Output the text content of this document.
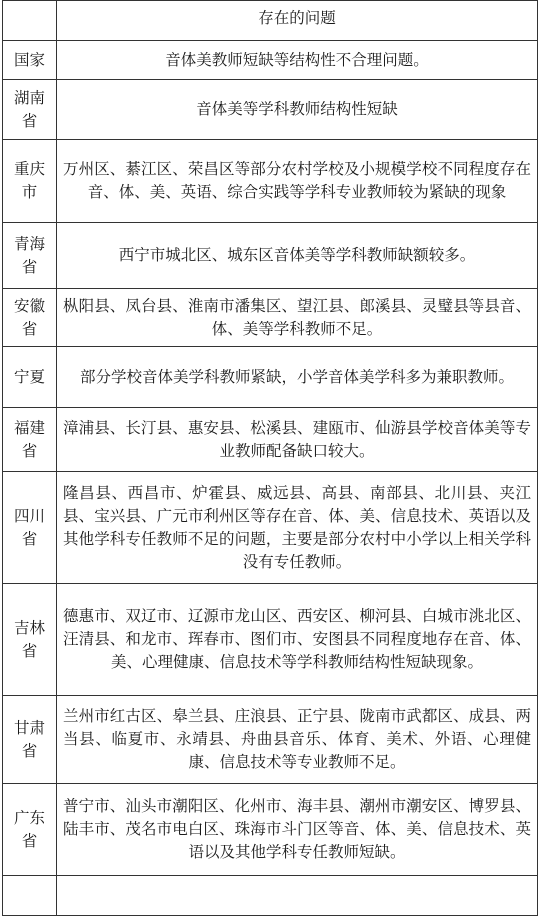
	存在的问题
国家	音体美教师短缺等结构性不合理问题。
湖南省	音体美等学科教师结构性短缺
重庆市	万州区、綦江区、荣昌区等部分农村学校及小规模学校不同程度存在音、体、美、英语、综合实践等学科专业教师较为紧缺的现象
青海省	西宁市城北区、城东区音体美等学科教师缺额较多。
安徽省	枞阳县、凤台县、淮南市潘集区、望江县、郎溪县、灵璧县等县音、体、美等学科教师不足。
宁夏	部分学校音体美学科教师紧缺，小学音体美学科多为兼职教师。
福建省	漳浦县、长汀县、惠安县、松溪县、建瓯市、仙游县学校音体美等专业教师配备缺口较大。
四川省	隆昌县、西昌市、炉霍县、威远县、高县、南部县、北川县、夹江县、宝兴县、广元市利州区等存在音、体、美、信息技术、英语以及其他学科专任教师不足的问题，主要是部分农村中小学以上相关学科没有专任教师。
吉林省	德惠市、双辽市、辽源市龙山区、西安区、柳河县、白城市洮北区、汪清县、和龙市、珲春市、图们市、安图县不同程度地存在音、体、美、心理健康、信息技术等学科教师结构性短缺现象。
甘肃省	兰州市红古区、皋兰县、庄浪县、正宁县、陇南市武都区、成县、两当县、临夏市、永靖县、舟曲县音乐、体育、美术、外语、心理健康、信息技术等专业教师不足。
广东省	普宁市、汕头市潮阳区、化州市、海丰县、潮州市潮安区、博罗县、陆丰市、茂名市电白区、珠海市斗门区等音、体、美、信息技术、英语以及其他学科专任教师短缺。
